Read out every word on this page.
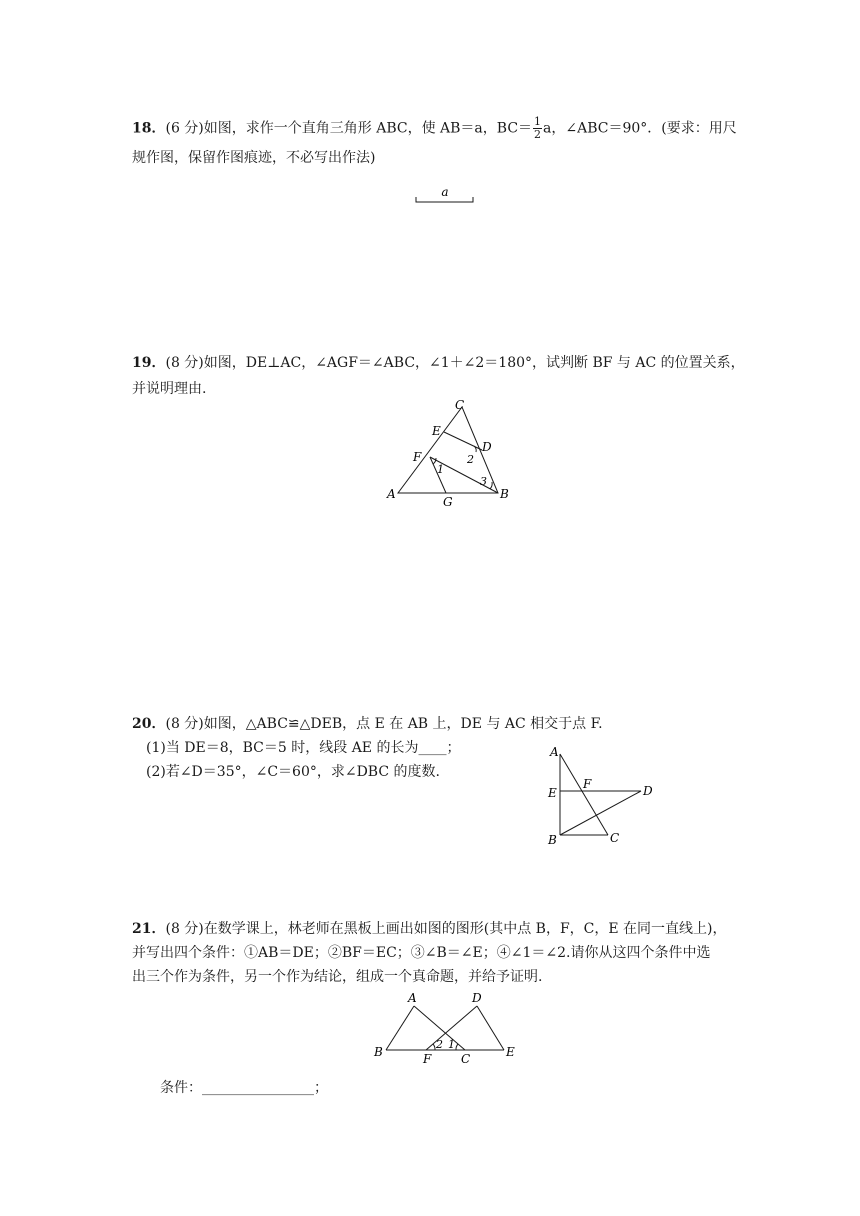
18．(6 分)如图，求作一个直角三角形 ABC，使 AB＝a，$BC= \frac{1}{2}$ a，∠ABC＝90°．(要求：用尺
规作图，保留作图痕迹，不必写出作法)
a
19．(8 分)如图，DE⊥AC，∠AGF＝∠ABC，∠1＋∠2＝180°，试判断 BF 与 AC 的位置关系，
并说明理由.
C
E
D
F
A
G
B
1
2
3
20．(8 分)如图，△ABC≌△DEB，点 E 在 AB 上，DE 与 AC 相交于点 F.
(1)当 DE＝8，BC＝5 时，线段 AE 的长为____；
(2)若∠D＝35°，∠C＝60°，求∠DBC 的度数.
A
E
F	D
B	C
21．(8 分)在数学课上，林老师在黑板上画出如图的图形(其中点 B，F，C，E 在同一直线上)，
并写出四个条件：①AB＝DE；②BF＝EC；③∠B＝∠E；④∠1＝∠2.请你从这四个条件中选
出三个作为条件，另一个作为结论，组成一个真命题，并给予证明.
A	D
B	F C	E
2 1
条件：________________；
